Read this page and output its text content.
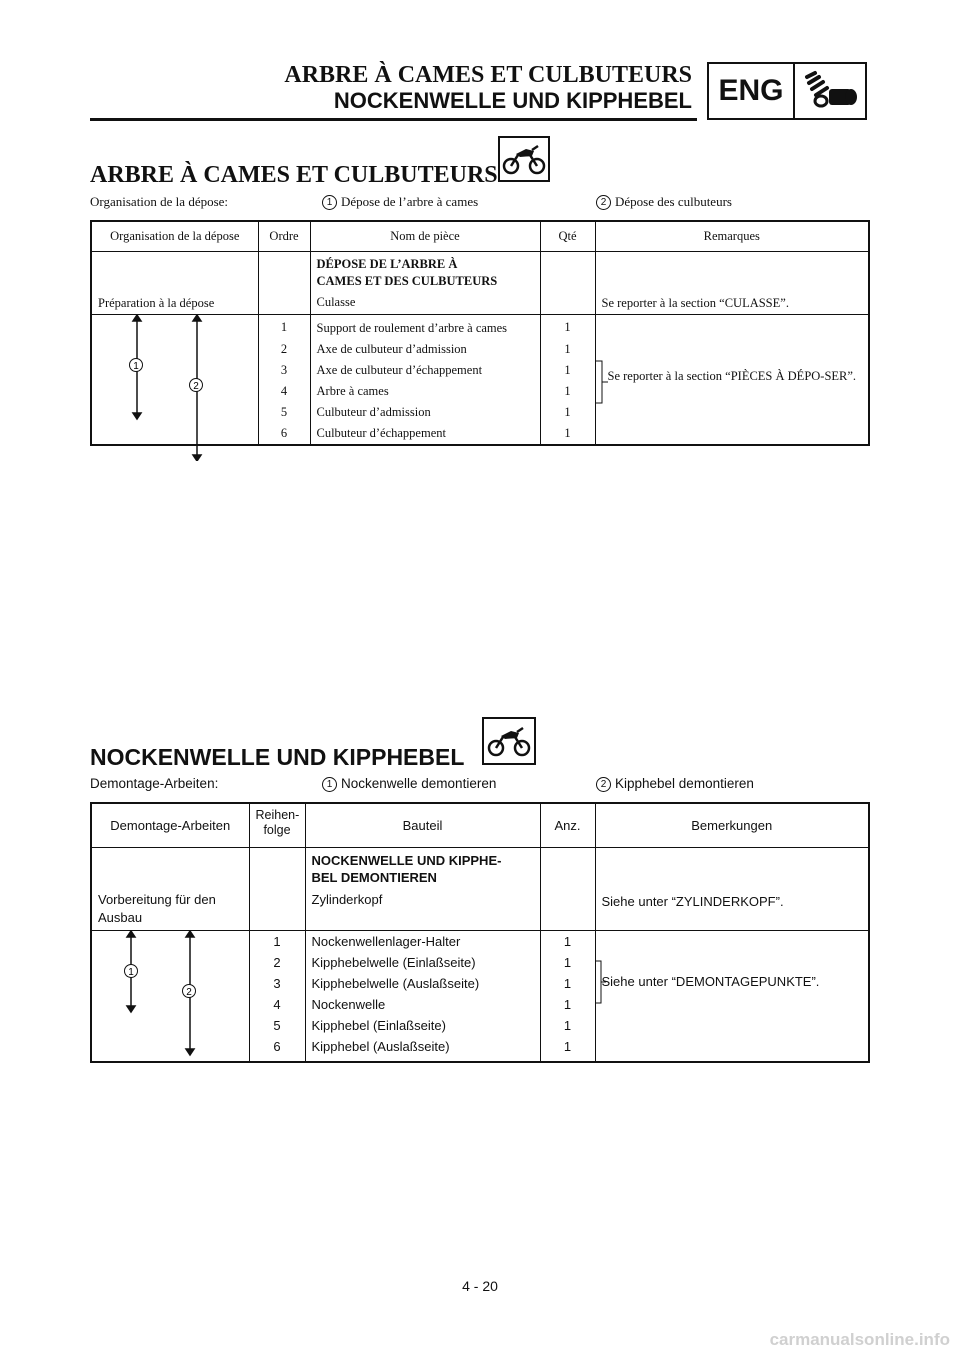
ARBRE À CAMES ET CULBUTEURS
NOCKENWELLE UND KIPPHEBEL ENG
ARBRE À CAMES ET CULBUTEURS
Organisation de la dépose:	1 Dépose de l’arbre à cames	2 Dépose des culbuteurs
Organisation de la dépose	Ordre	Nom de pièce	Qté	Remarques
Préparation à la dépose		DÉPOSE DE L’ARBRE À
CAMES ET DES CULBUTEURS
Culasse		Se reporter à la section “CULASSE”.

1
2	1	Support de roulement d’arbre à cames	1	Se reporter à la section “PIÈCES À DÉPO-SER”.

	2	Axe de culbuteur d’admission	1	
	3	Axe de culbuteur d’échappement	1	
	4	Arbre à cames	1	
	5	Culbuteur d’admission	1	
	6	Culbuteur d’échappement	1	
NOCKENWELLE UND KIPPHEBEL
Demontage-Arbeiten:	1 Nockenwelle demontieren	2 Kipphebel demontieren
Demontage-Arbeiten	Reihen-folge	Bauteil	Anz.	Bemerkungen
Vorbereitung für den Ausbau		NOCKENWELLE UND KIPPHE-
BEL DEMONTIEREN
Zylinderkopf		Siehe unter “ZYLINDERKOPF”.

1
2	1	Nockenwellenlager-Halter	1	Siehe unter “DEMONTAGEPUNKTE”.

	2	Kipphebelwelle (Einlaßseite)	1	
	3	Kipphebelwelle (Auslaßseite)	1	
	4	Nockenwelle	1	
	5	Kipphebel (Einlaßseite)	1	
	6	Kipphebel (Auslaßseite)	1	
4 - 20
carmanualsonline.info
